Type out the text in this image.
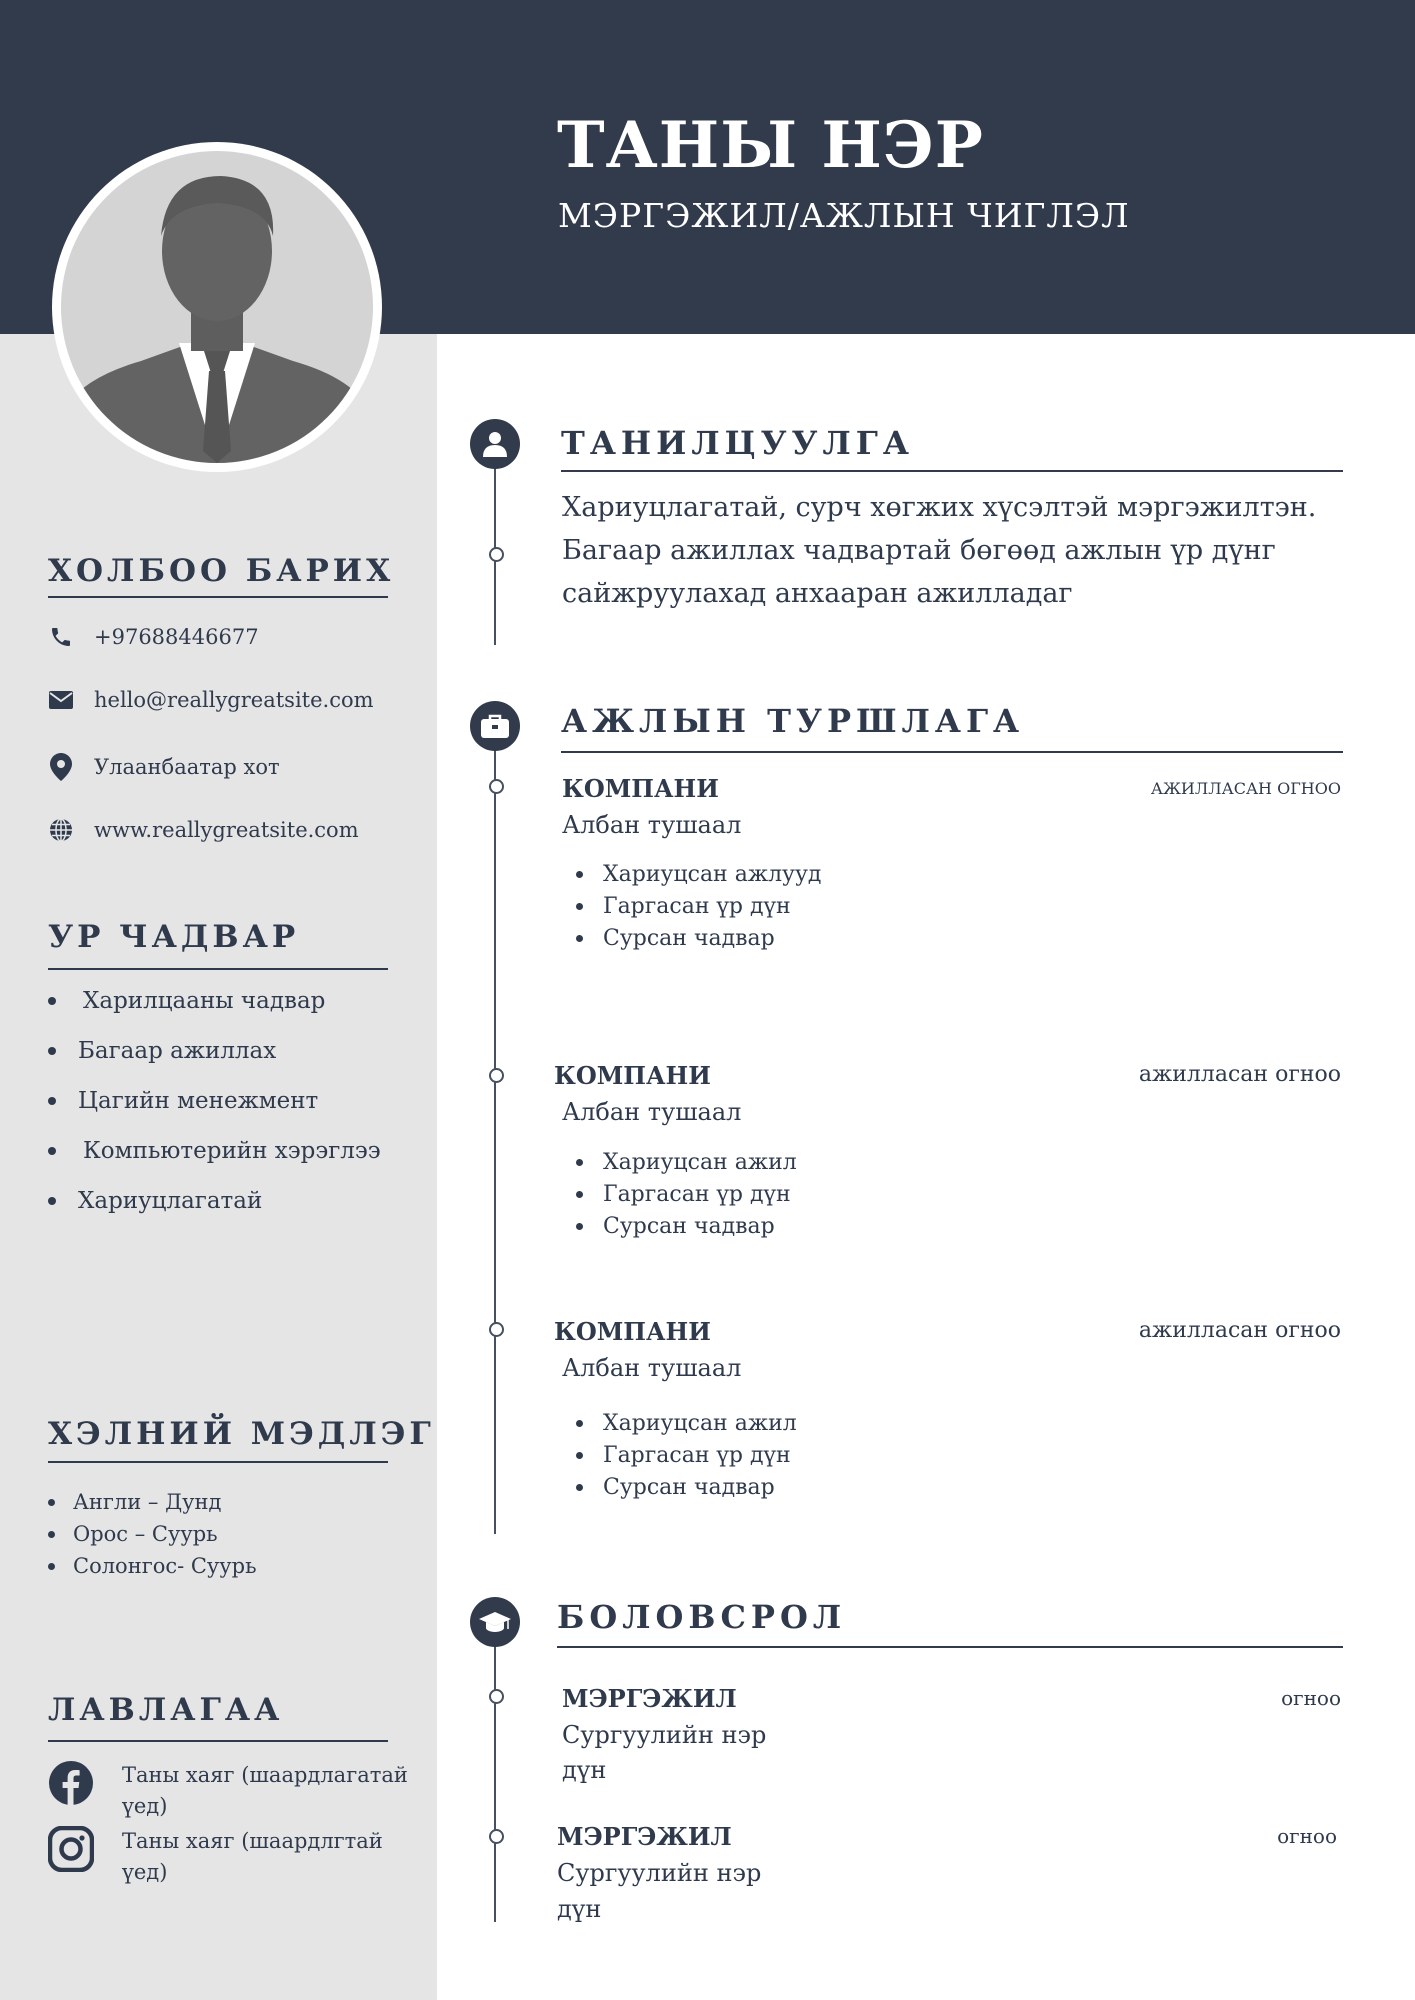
ТАНЫ НЭР
МЭРГЭЖИЛ/АЖЛЫН ЧИГЛЭЛ
ХОЛБОО БАРИХ
+97688446677
hello@reallygreatsite.com
Улаанбаатар хот
www.reallygreatsite.com
УР ЧАДВАР
Харилцааны чадвар
Багаар ажиллах
Цагийн менежмент
Компьютерийн хэрэглээ
Хариуцлагатай
ХЭЛНИЙ МЭДЛЭГ
Англи – Дунд
Орос – Суурь
Солонгос- Суурь
ЛАВЛАГАА
Таны хаяг (шаардлагатай үед)
Таны хаяг (шаардлгтай үед)
ТАНИЛЦУУЛГА
Хариуцлагатай, сурч хөгжих хүсэлтэй мэргэжилтэн. Багаар ажиллах чадвартай бөгөөд ажлын үр дүнг сайжруулахад анхааран ажилладаг
АЖЛЫН ТУРШЛАГА
КОМПАНИ	АЖИЛЛАСАН ОГНОО
Албан тушаал
Хариуцсан ажлууд
Гаргасан үр дүн
Сурсан чадвар
КОМПАНИ	ажилласан огноо
Албан тушаал
Хариуцсан ажил
Гаргасан үр дүн
Сурсан чадвар
КОМПАНИ	ажилласан огноо
Албан тушаал
Хариуцсан ажил
Гаргасан үр дүн
Сурсан чадвар
БОЛОВСРОЛ
МЭРГЭЖИЛ	огноо
Сургуулийн нэр
дүн
МЭРГЭЖИЛ	огноо
Сургуулийн нэр
дүн
